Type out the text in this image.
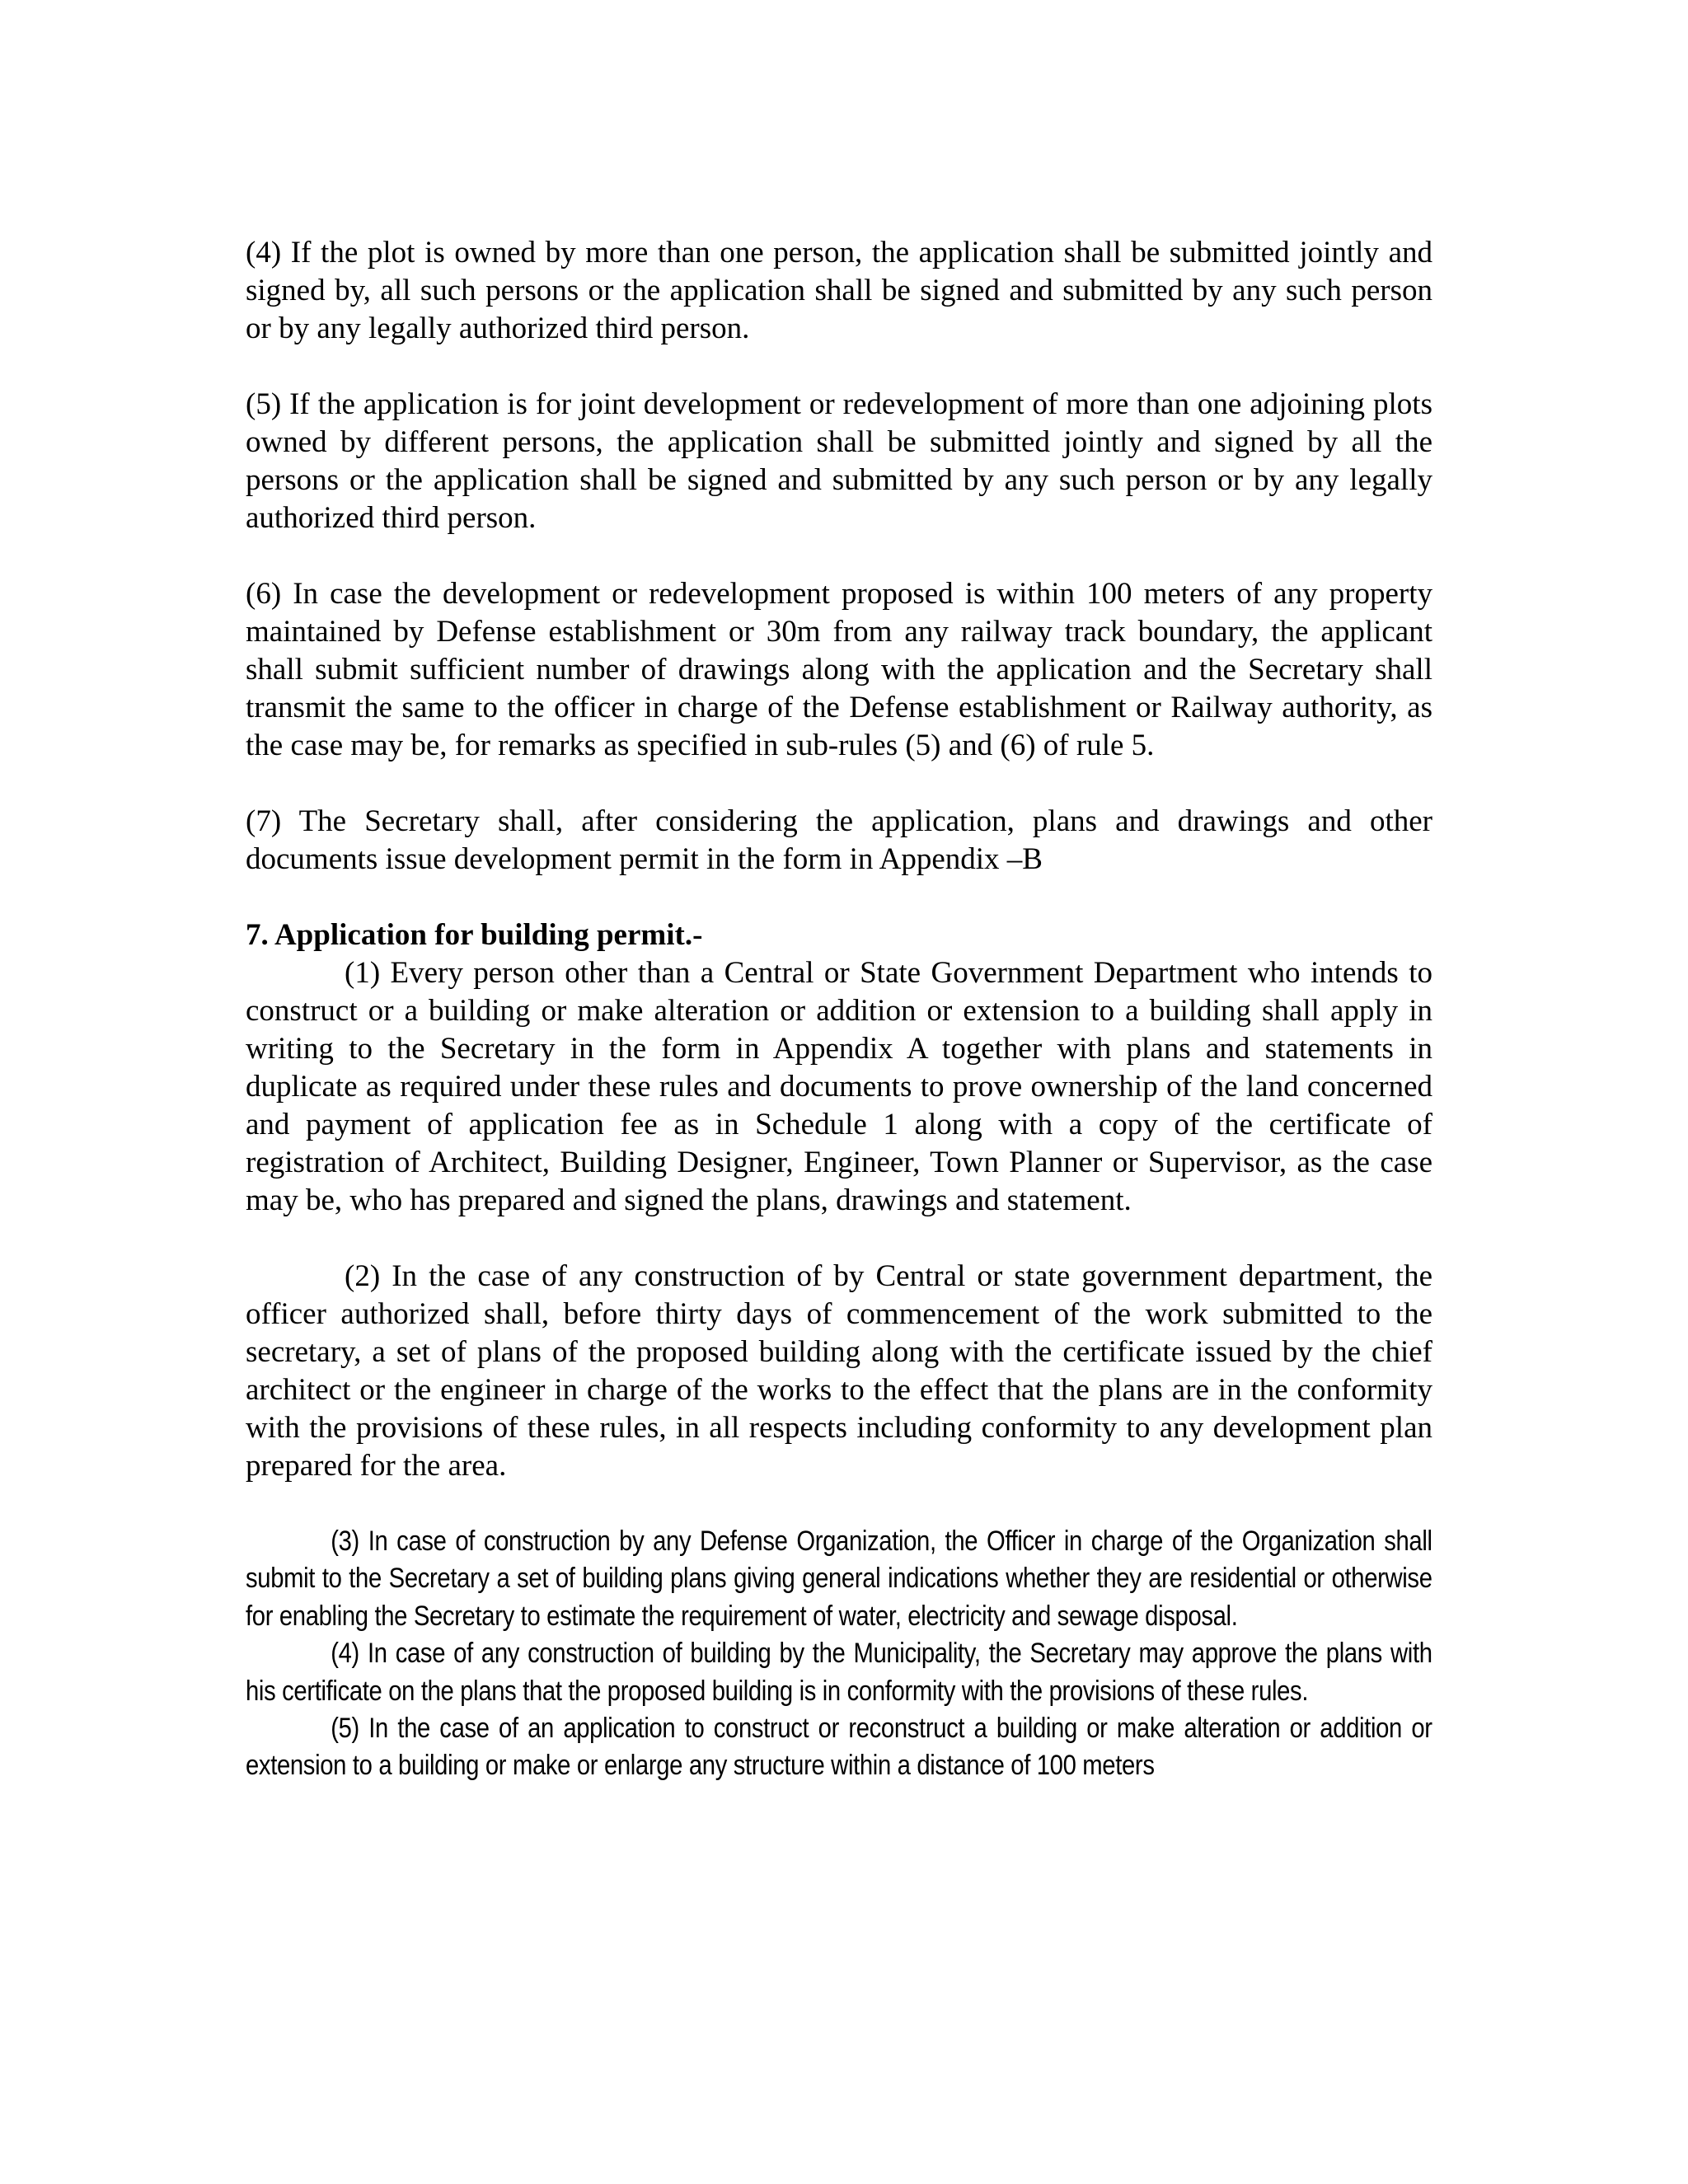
(4) If the plot is owned by more than one person, the application shall be submitted jointly and signed by, all such persons or the application shall be signed and submitted by any such person or by any legally authorized third person.

(5) If the application is for joint development or redevelopment of more than one adjoining plots owned by different persons, the application shall be submitted jointly and signed by all the persons or the application shall be signed and submitted by any such person or by any legally authorized third person.

(6) In case the development or redevelopment proposed is within 100 meters of any property maintained by Defense establishment or 30m from any railway track boundary, the applicant shall submit sufficient number of drawings along with the application and the Secretary shall transmit the same to the officer in charge of the Defense establishment or Railway authority, as the case may be, for remarks as specified in sub-rules (5) and (6) of rule 5.

(7) The Secretary shall, after considering the application, plans and drawings and other documents issue development permit in the form in Appendix –B

7. Application for building permit.-

(1) Every person other than a Central or State Government Department who intends to construct or a building or make alteration or addition or extension to a building shall apply in writing to the Secretary in the form in Appendix A together with plans and statements in duplicate as required under these rules and documents to prove ownership of the land concerned and payment of application fee as in Schedule 1 along with a copy of the certificate of registration of Architect, Building Designer, Engineer, Town Planner or Supervisor, as the case may be, who has prepared and signed the plans, drawings and statement.

(2) In the case of any construction of by Central or state government department, the officer authorized shall, before thirty days of commencement of the work submitted to the secretary, a set of plans of the proposed building along with the certificate issued by the chief architect or the engineer in charge of the works to the effect that the plans are in the conformity with the provisions of these rules, in all respects including conformity to any development plan prepared for the area.

(3) In case of construction by any Defense Organization, the Officer in charge of the Organization shall submit to the Secretary a set of building plans giving general indications whether they are residential or otherwise for enabling the Secretary to estimate the requirement of water, electricity and sewage disposal.

(4) In case of any construction of building by the Municipality, the Secretary may approve the plans with his certificate on the plans that the proposed building is in conformity with the provisions of these rules.

(5) In the case of an application to construct or reconstruct a building or make alteration or addition or extension to a building or make or enlarge any structure within a distance of 100 meters
